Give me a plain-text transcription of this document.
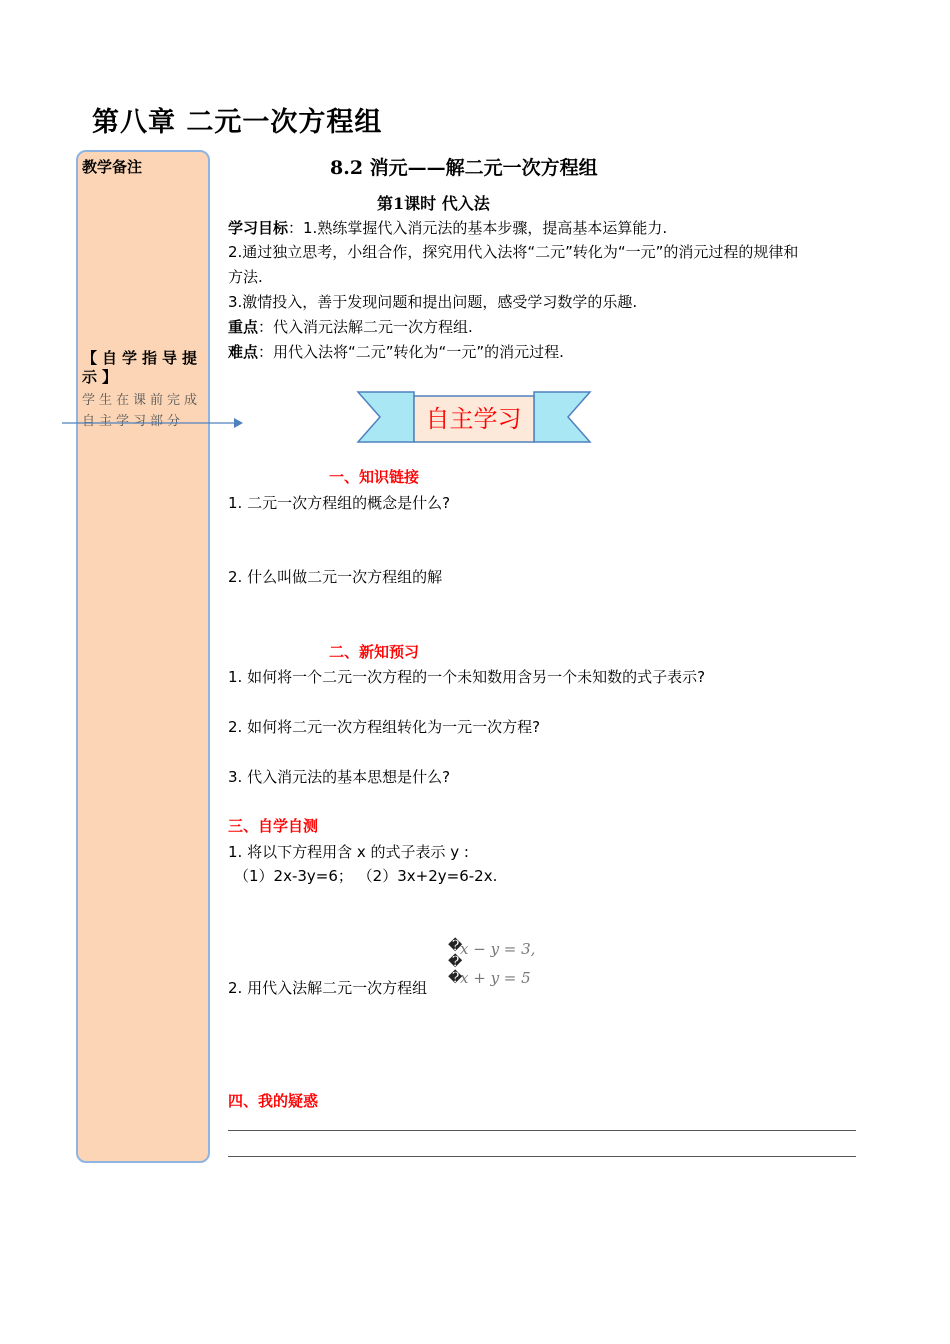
第八章 二元一次方程组
教学备注
【自学指导提示】
学生在课前完成自主学习部分
8.2 消元——解二元一次方程组
第1课时 代入法
学习目标：1.熟练掌握代入消元法的基本步骤，提高基本运算能力.
2.通过独立思考，小组合作，探究用代入法将“二元”转化为“一元”的消元过程的规律和
方法.
3.激情投入，善于发现问题和提出问题，感受学习数学的乐趣.
重点：代入消元法解二元一次方程组.
难点：用代入法将“二元”转化为“一元”的消元过程.
自主学习
一、知识链接
1. 二元一次方程组的概念是什么?
2. 什么叫做二元一次方程组的解
二、新知预习
1. 如何将一个二元一次方程的一个未知数用含另一个未知数的式子表示?
2. 如何将二元一次方程组转化为一元一次方程?
3. 代入消元法的基本思想是什么?
三、自学自测
1. 将以下方程用含 x 的式子表示 y :
（1）2x-3y=6； （2）3x+2y=6-2x.
2. 用代入法解二元一次方程组
�
�
�
x − y = 3,
x + y = 5
四、我的疑惑
